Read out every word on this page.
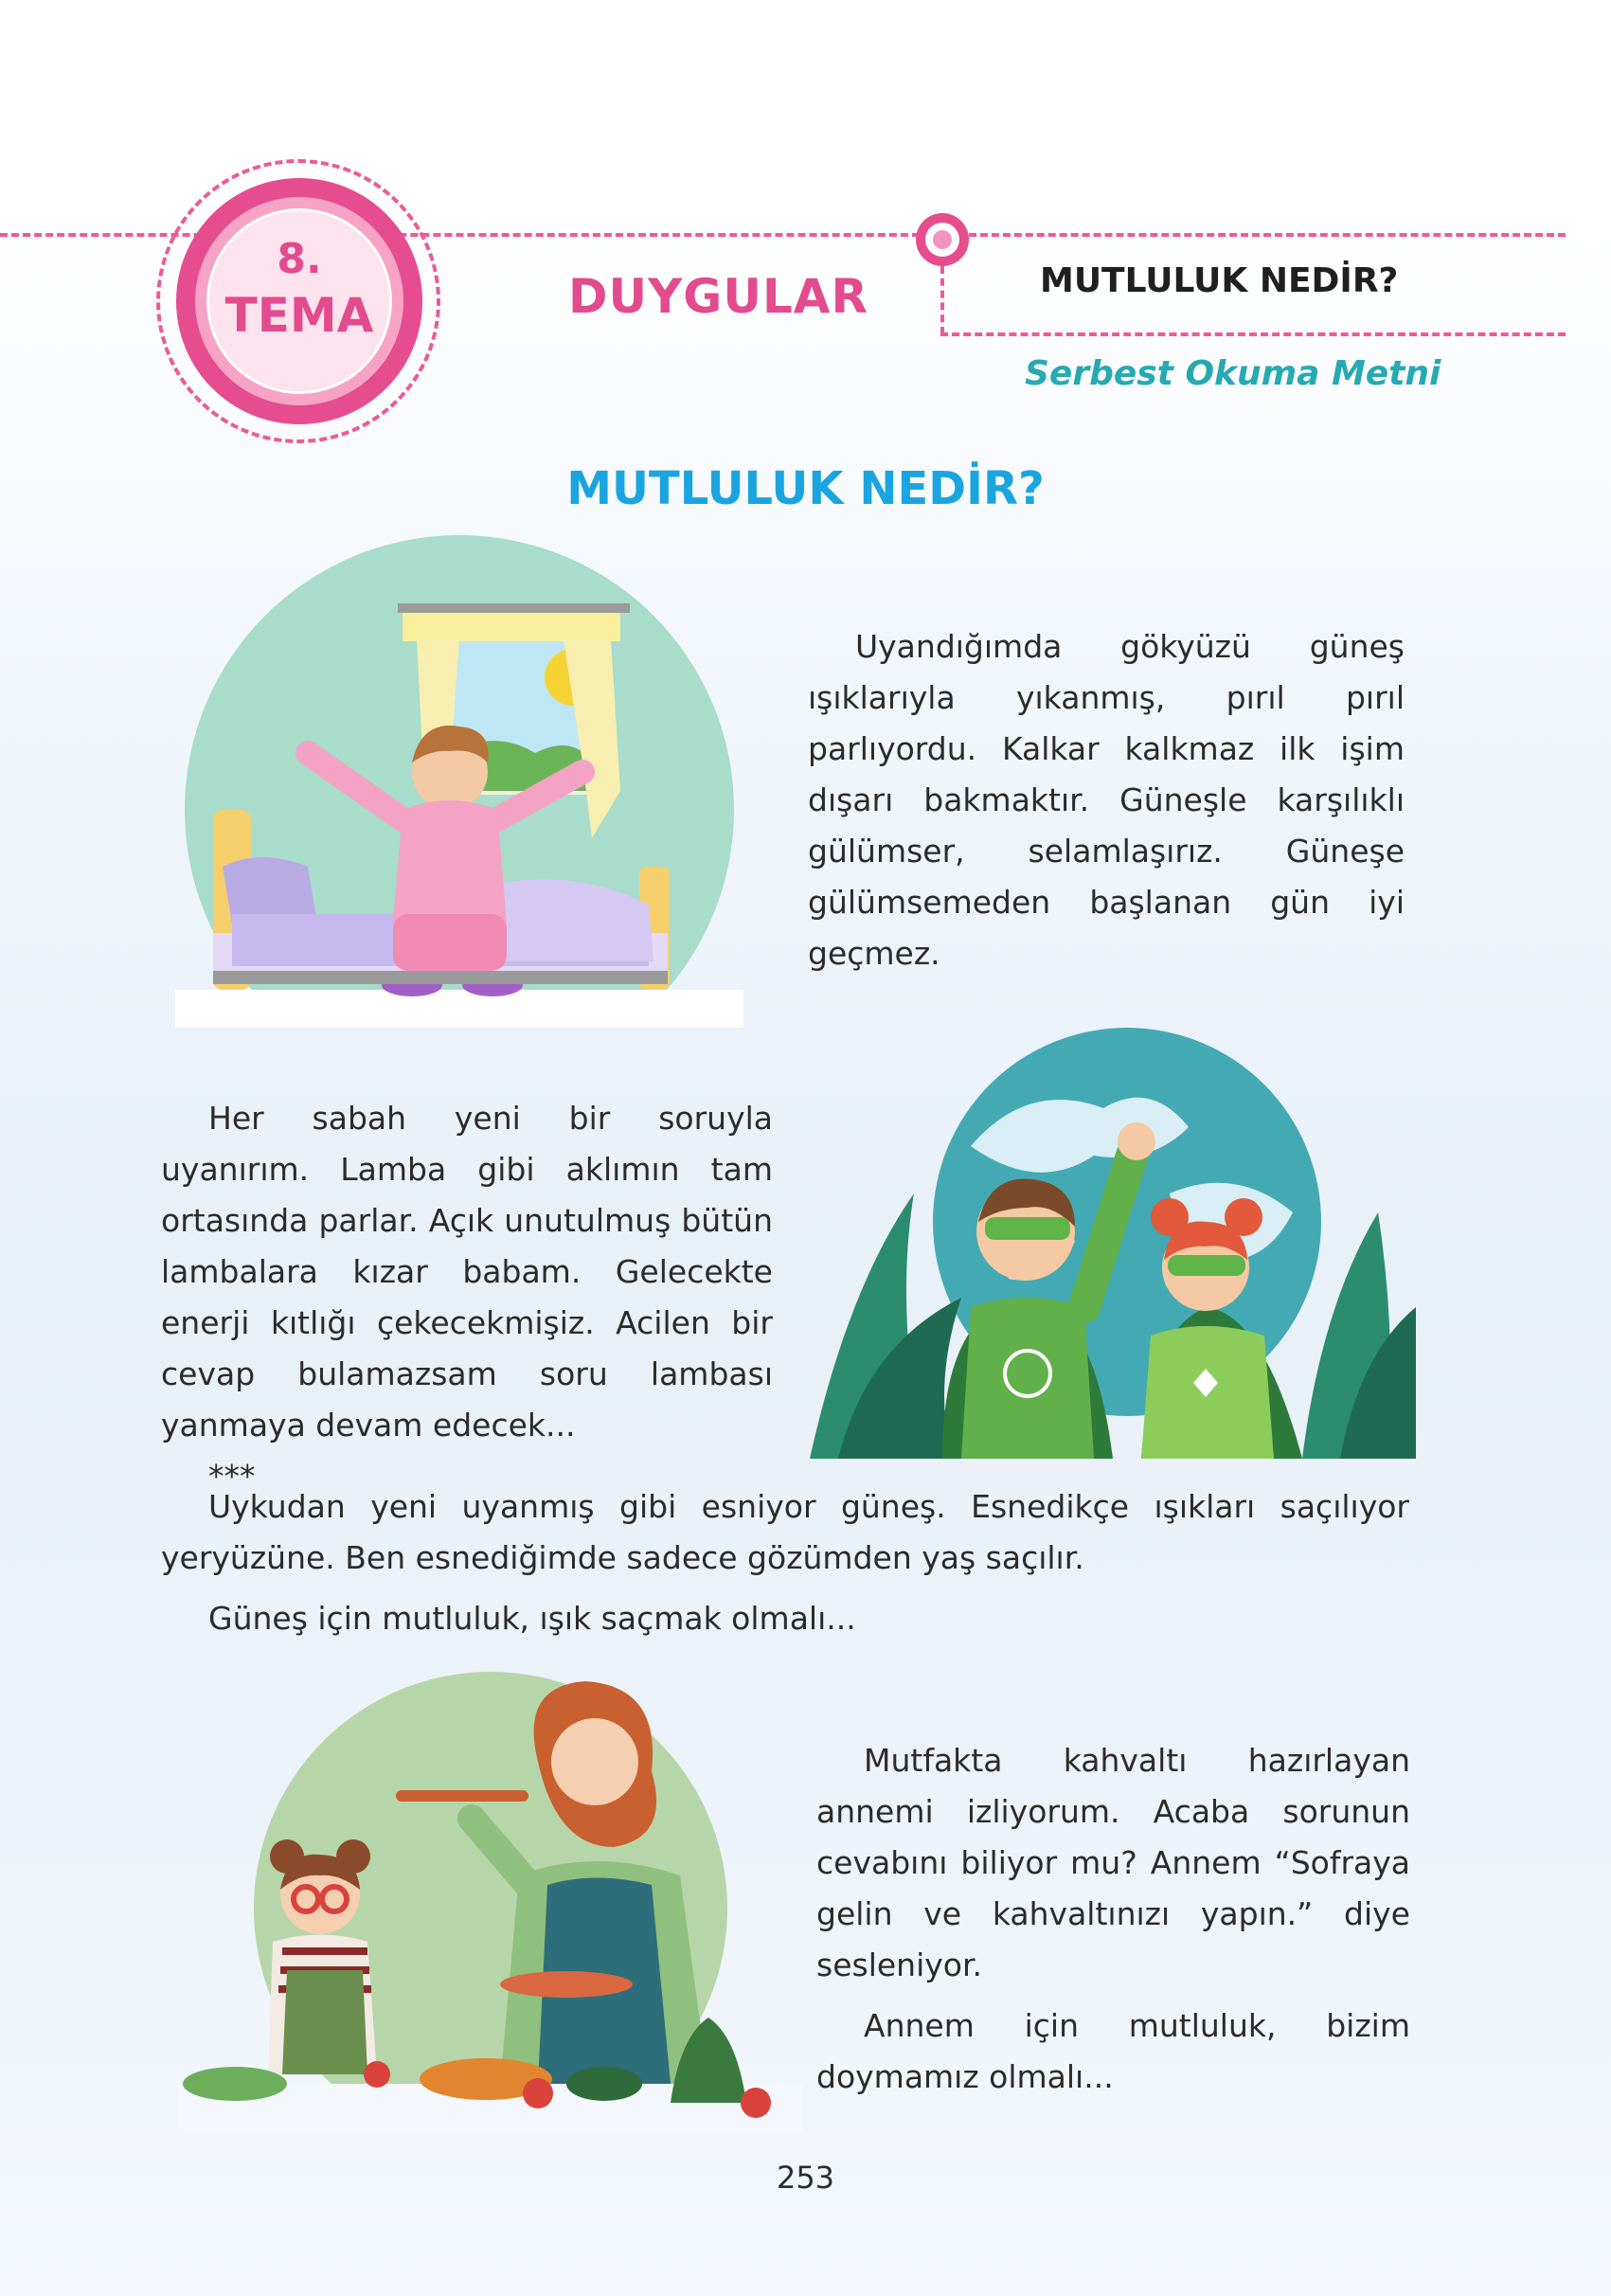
8.
TEMA	DUYGULAR	MUTLULUK NEDİR?
Serbest Okuma Metni
MUTLULUK NEDİR?

Uyandığımda gökyüzü güneş ışıklarıyla yıkanmış, pırıl pırıl parlıyordu. Kalkar kalkmaz ilk işim dışarı bakmaktır. Güneşle karşılıklı gülümser, selamlaşırız. Güneşe gülümsemeden başlanan gün iyi geçmez.

Her sabah yeni bir soruyla uyanırım. Lamba gibi aklımın tam ortasında parlar. Açık unutulmuş bütün lambalara kızar babam. Gelecekte enerji kıtlığı çekecekmişiz. Acilen bir cevap bulamazsam soru lambası yanmaya devam edecek...

***

Uykudan yeni uyanmış gibi esniyor güneş. Esnedikçe ışıkları saçılıyor yeryüzüne. Ben esnediğimde sadece gözümden yaş saçılır.

Güneş için mutluluk, ışık saçmak olmalı...

Mutfakta kahvaltı hazırlayan annemi izliyorum. Acaba sorunun cevabını biliyor mu? Annem “Sofraya gelin ve kahvaltınızı yapın.” diye sesleniyor.

Annem için mutluluk, bizim doymamız olmalı...

253
